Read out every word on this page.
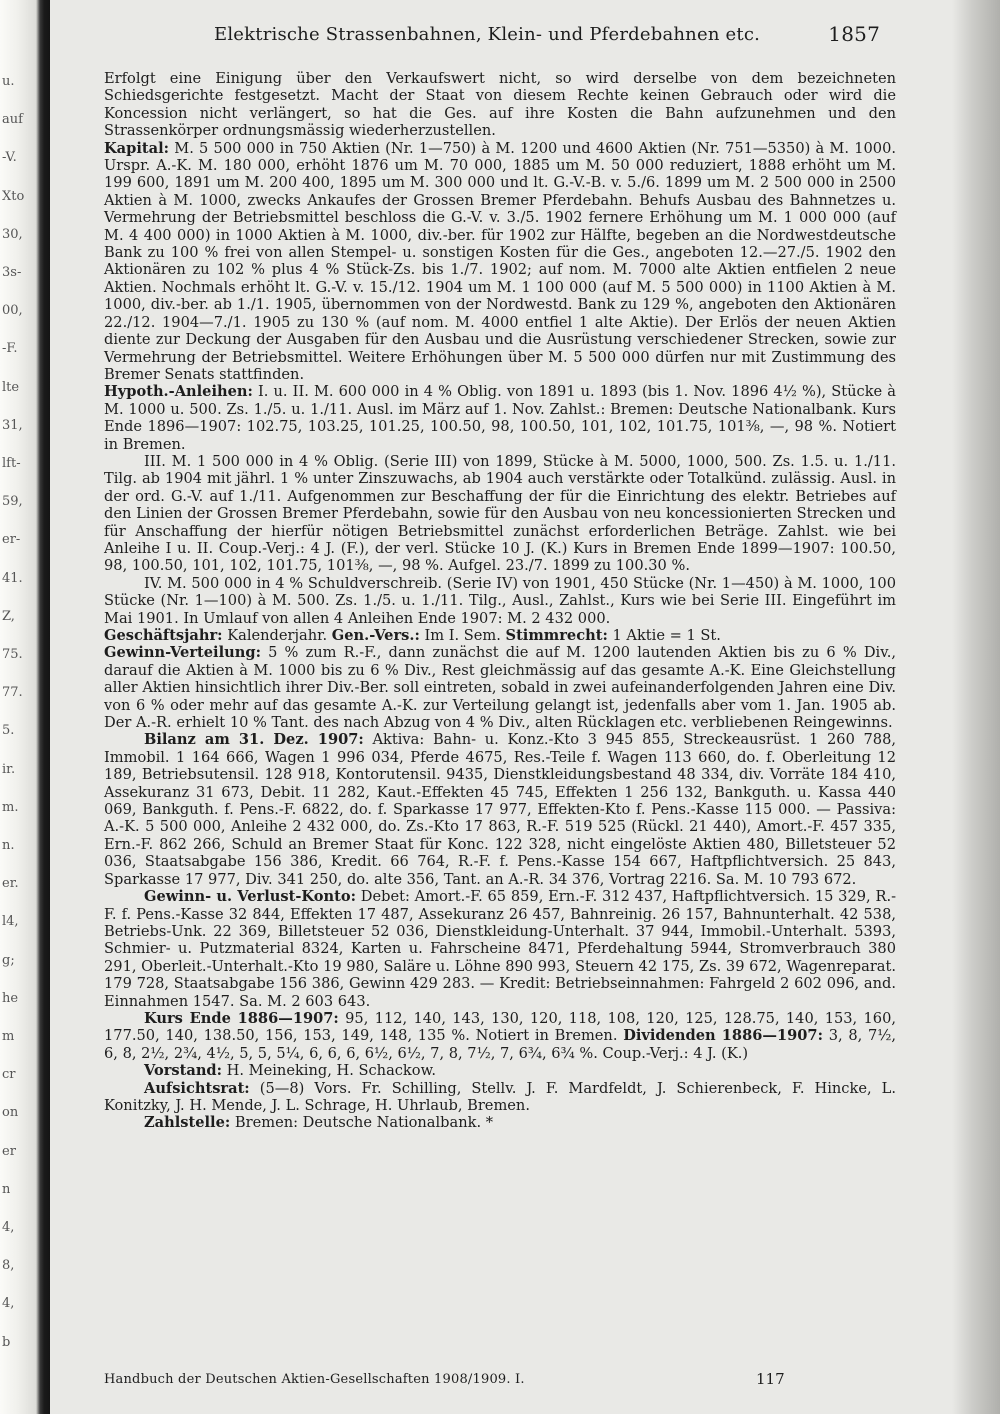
u.
auf
-V.
Xto
30,
3s-
00,
-F.
lte
31,
lft-
59,
er-
41.
Z,
75.
77.
5.
ir.
m.
n.
er.
l4,
g;
he
m
cr
on
er
n
4,
8,
4,
b
Elektrische Strassenbahnen, Klein- und Pferdebahnen etc.	1857

Erfolgt eine Einigung über den Verkaufswert nicht, so wird derselbe von dem bezeichneten Schiedsgerichte festgesetzt. Macht der Staat von diesem Rechte keinen Gebrauch oder wird die Koncession nicht verlängert, so hat die Ges. auf ihre Kosten die Bahn aufzunehmen und den Strassenkörper ordnungsmässig wiederherzustellen.

Kapital: M. 5 500 000 in 750 Aktien (Nr. 1—750) à M. 1200 und 4600 Aktien (Nr. 751—5350) à M. 1000. Urspr. A.-K. M. 180 000, erhöht 1876 um M. 70 000, 1885 um M. 50 000 reduziert, 1888 erhöht um M. 199 600, 1891 um M. 200 400, 1895 um M. 300 000 und lt. G.-V.-B. v. 5./6. 1899 um M. 2 500 000 in 2500 Aktien à M. 1000, zwecks Ankaufes der Grossen Bremer Pferdebahn. Behufs Ausbau des Bahnnetzes u. Vermehrung der Betriebsmittel beschloss die G.-V. v. 3./5. 1902 fernere Erhöhung um M. 1 000 000 (auf M. 4 400 000) in 1000 Aktien à M. 1000, div.-ber. für 1902 zur Hälfte, begeben an die Nordwestdeutsche Bank zu 100 % frei von allen Stempel- u. sonstigen Kosten für die Ges., angeboten 12.—27./5. 1902 den Aktionären zu 102 % plus 4 % Stück-Zs. bis 1./7. 1902; auf nom. M. 7000 alte Aktien entfielen 2 neue Aktien. Nochmals erhöht lt. G.-V. v. 15./12. 1904 um M. 1 100 000 (auf M. 5 500 000) in 1100 Aktien à M. 1000, div.-ber. ab 1./1. 1905, übernommen von der Nordwestd. Bank zu 129 %, angeboten den Aktionären 22./12. 1904—7./1. 1905 zu 130 % (auf nom. M. 4000 entfiel 1 alte Aktie). Der Erlös der neuen Aktien diente zur Deckung der Ausgaben für den Ausbau und die Ausrüstung verschiedener Strecken, sowie zur Vermehrung der Betriebsmittel. Weitere Erhöhungen über M. 5 500 000 dürfen nur mit Zustimmung des Bremer Senats stattfinden.

Hypoth.-Anleihen: I. u. II. M. 600 000 in 4 % Oblig. von 1891 u. 1893 (bis 1. Nov. 1896 4½ %), Stücke à M. 1000 u. 500. Zs. 1./5. u. 1./11. Ausl. im März auf 1. Nov. Zahlst.: Bremen: Deutsche Nationalbank. Kurs Ende 1896—1907: 102.75, 103.25, 101.25, 100.50, 98, 100.50, 101, 102, 101.75, 101⅜, —, 98 %. Notiert in Bremen.

III. M. 1 500 000 in 4 % Oblig. (Serie III) von 1899, Stücke à M. 5000, 1000, 500. Zs. 1.5. u. 1./11. Tilg. ab 1904 mit jährl. 1 % unter Zinszuwachs, ab 1904 auch verstärkte oder Totalkünd. zulässig. Ausl. in der ord. G.-V. auf 1./11. Aufgenommen zur Beschaffung der für die Einrichtung des elektr. Betriebes auf den Linien der Grossen Bremer Pferdebahn, sowie für den Ausbau von neu koncessionierten Strecken und für Anschaffung der hierfür nötigen Betriebsmittel zunächst erforderlichen Beträge. Zahlst. wie bei Anleihe I u. II. Coup.-Verj.: 4 J. (F.), der verl. Stücke 10 J. (K.) Kurs in Bremen Ende 1899—1907: 100.50, 98, 100.50, 101, 102, 101.75, 101⅜, —, 98 %. Aufgel. 23./7. 1899 zu 100.30 %.

IV. M. 500 000 in 4 % Schuldverschreib. (Serie IV) von 1901, 450 Stücke (Nr. 1—450) à M. 1000, 100 Stücke (Nr. 1—100) à M. 500. Zs. 1./5. u. 1./11. Tilg., Ausl., Zahlst., Kurs wie bei Serie III. Eingeführt im Mai 1901. In Umlauf von allen 4 Anleihen Ende 1907: M. 2 432 000.

Geschäftsjahr: Kalenderjahr. Gen.-Vers.: Im I. Sem. Stimmrecht: 1 Aktie = 1 St.

Gewinn-Verteilung: 5 % zum R.-F., dann zunächst die auf M. 1200 lautenden Aktien bis zu 6 % Div., darauf die Aktien à M. 1000 bis zu 6 % Div., Rest gleichmässig auf das gesamte A.-K. Eine Gleichstellung aller Aktien hinsichtlich ihrer Div.-Ber. soll eintreten, sobald in zwei aufeinanderfolgenden Jahren eine Div. von 6 % oder mehr auf das gesamte A.-K. zur Verteilung gelangt ist, jedenfalls aber vom 1. Jan. 1905 ab. Der A.-R. erhielt 10 % Tant. des nach Abzug von 4 % Div., alten Rücklagen etc. verbliebenen Reingewinns.

Bilanz am 31. Dez. 1907: Aktiva: Bahn- u. Konz.-Kto 3 945 855, Streckeausrüst. 1 260 788, Immobil. 1 164 666, Wagen 1 996 034, Pferde 4675, Res.-Teile f. Wagen 113 660, do. f. Oberleitung 12 189, Betriebsutensil. 128 918, Kontorutensil. 9435, Dienstkleidungsbestand 48 334, div. Vorräte 184 410, Assekuranz 31 673, Debit. 11 282, Kaut.-Effekten 45 745, Effekten 1 256 132, Bankguth. u. Kassa 440 069, Bankguth. f. Pens.-F. 6822, do. f. Sparkasse 17 977, Effekten-Kto f. Pens.-Kasse 115 000. — Passiva: A.-K. 5 500 000, Anleihe 2 432 000, do. Zs.-Kto 17 863, R.-F. 519 525 (Rückl. 21 440), Amort.-F. 457 335, Ern.-F. 862 266, Schuld an Bremer Staat für Konc. 122 328, nicht eingelöste Aktien 480, Billetsteuer 52 036, Staatsabgabe 156 386, Kredit. 66 764, R.-F. f. Pens.-Kasse 154 667, Haftpflichtversich. 25 843, Sparkasse 17 977, Div. 341 250, do. alte 356, Tant. an A.-R. 34 376, Vortrag 2216. Sa. M. 10 793 672.

Gewinn- u. Verlust-Konto: Debet: Amort.-F. 65 859, Ern.-F. 312 437, Haftpflichtversich. 15 329, R.-F. f. Pens.-Kasse 32 844, Effekten 17 487, Assekuranz 26 457, Bahnreinig. 26 157, Bahnunterhalt. 42 538, Betriebs-Unk. 22 369, Billetsteuer 52 036, Dienstkleidung-Unterhalt. 37 944, Immobil.-Unterhalt. 5393, Schmier- u. Putzmaterial 8324, Karten u. Fahrscheine 8471, Pferdehaltung 5944, Stromverbrauch 380 291, Oberleit.-Unterhalt.-Kto 19 980, Saläre u. Löhne 890 993, Steuern 42 175, Zs. 39 672, Wagenreparat. 179 728, Staatsabgabe 156 386, Gewinn 429 283. — Kredit: Betriebseinnahmen: Fahrgeld 2 602 096, and. Einnahmen 1547. Sa. M. 2 603 643.

Kurs Ende 1886—1907: 95, 112, 140, 143, 130, 120, 118, 108, 120, 125, 128.75, 140, 153, 160, 177.50, 140, 138.50, 156, 153, 149, 148, 135 %. Notiert in Bremen. Dividenden 1886—1907: 3, 8, 7½, 6, 8, 2½, 2¾, 4½, 5, 5, 5¼, 6, 6, 6, 6½, 6½, 7, 8, 7½, 7, 6¾, 6¾ %. Coup.-Verj.: 4 J. (K.)

Vorstand: H. Meineking, H. Schackow.

Aufsichtsrat: (5—8) Vors. Fr. Schilling, Stellv. J. F. Mardfeldt, J. Schierenbeck, F. Hincke, L. Konitzky, J. H. Mende, J. L. Schrage, H. Uhrlaub, Bremen.

Zahlstelle: Bremen: Deutsche Nationalbank. *

Handbuch der Deutschen Aktien-Gesellschaften 1908/1909. I.	117
